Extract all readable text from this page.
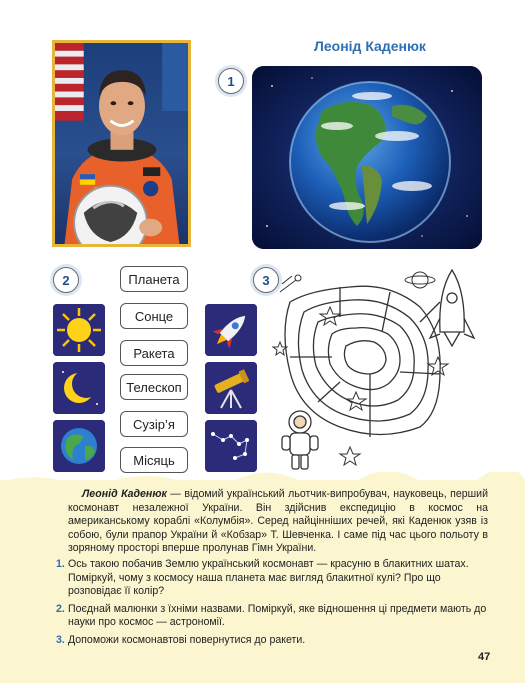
Леонід Каденюк
1
2	Планета
Сонце
Ракета
Телескоп
Сузір’я
Місяць
3

Леонід Каденюк — відомий український льотчик-випробувач, науковець, перший космонавт незалежної України. Він здійснив експедицію в космос на американському кораблі «Колумбія». Серед найцінніших речей, які Каденюк узяв із собою, були прапор України й «Кобзар» Т. Шевченка. І саме під час цього польоту в зоряному просторі вперше пролунав Гімн України.

1. Ось такою побачив Землю український космонавт — красуню в блакитних шатах. Поміркуй, чому з космосу наша планета має вигляд блакитної кулі? Про що розповідає її колір?
2. Поєднай малюнки з їхніми назвами. Поміркуй, яке відношення ці предмети мають до науки про космос — астрономії.
3. Допоможи космонавтові повернутися до ракети.
47
